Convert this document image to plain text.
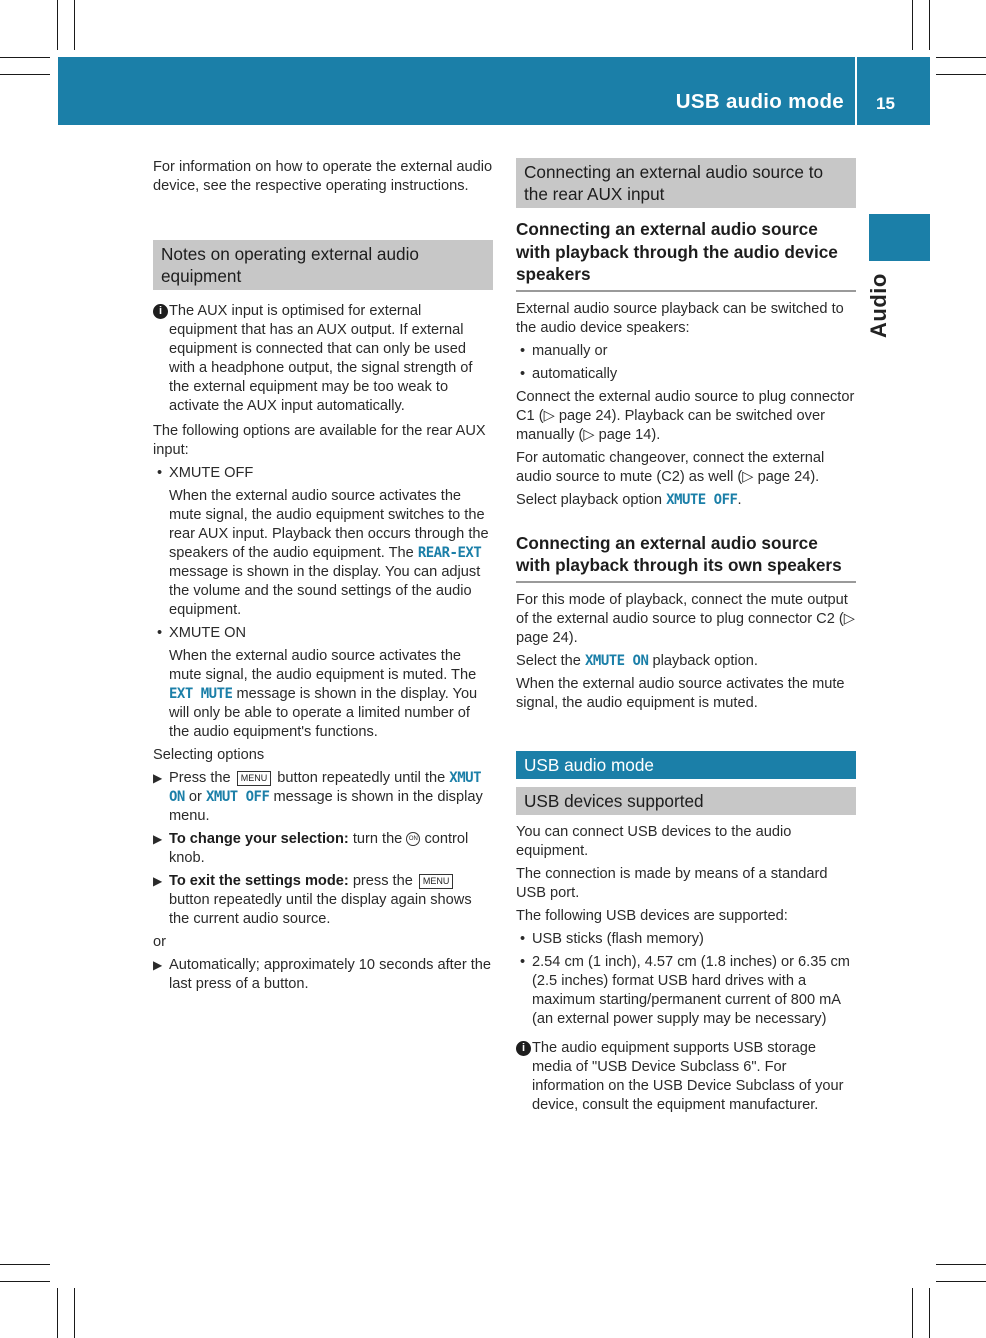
USB audio mode 15
Audio

For information on how to operate the external audio device, see the respective operating instructions.

Notes on operating external audio equipment
i The AUX input is optimised for external equipment that has an AUX output. If external equipment is connected that can only be used with a headphone output, the signal strength of the external equipment may be too weak to activate the AUX input automatically.

The following options are available for the rear AUX input:

• XMUTE OFF
When the external audio source activates the mute signal, the audio equipment switches to the rear AUX input. Playback then occurs through the speakers of the audio equipment. The REAR-EXT message is shown in the display. You can adjust the volume and the sound settings of the audio equipment.
• XMUTE ON
When the external audio source activates the mute signal, the audio equipment is muted. The EXT MUTE message is shown in the display. You will only be able to operate a limited number of the audio equipment's functions.

Selecting options

▶ Press the MENU button repeatedly until the XMUT ON or XMUT OFF message is shown in the display menu.
▶ To change your selection: turn the ON control knob.
▶ To exit the settings mode: press the MENU button repeatedly until the display again shows the current audio source.

or

▶ Automatically; approximately 10 seconds after the last press of a button.
Connecting an external audio source to the rear AUX input
Connecting an external audio source with playback through the audio device speakers

External audio source playback can be switched to the audio device speakers:

• manually or
• automatically

Connect the external audio source to plug connector C1 (▷ page 24). Playback can be switched over manually (▷ page 14).

For automatic changeover, connect the external audio source to mute (C2) as well (▷ page 24).

Select playback option XMUTE OFF.

Connecting an external audio source with playback through its own speakers

For this mode of playback, connect the mute output of the external audio source to plug connector C2 (▷ page 24).

Select the XMUTE ON playback option.

When the external audio source activates the mute signal, the audio equipment is muted.

USB audio mode
USB devices supported

You can connect USB devices to the audio equipment.

The connection is made by means of a standard USB port.

The following USB devices are supported:

• USB sticks (flash memory)
• 2.54 cm (1 inch), 4.57 cm (1.8 inches) or 6.35 cm (2.5 inches) format USB hard drives with a maximum starting/permanent current of 800 mA (an external power supply may be necessary)
i The audio equipment supports USB storage media of "USB Device Subclass 6". For information on the USB Device Subclass of your device, consult the equipment manufacturer.
